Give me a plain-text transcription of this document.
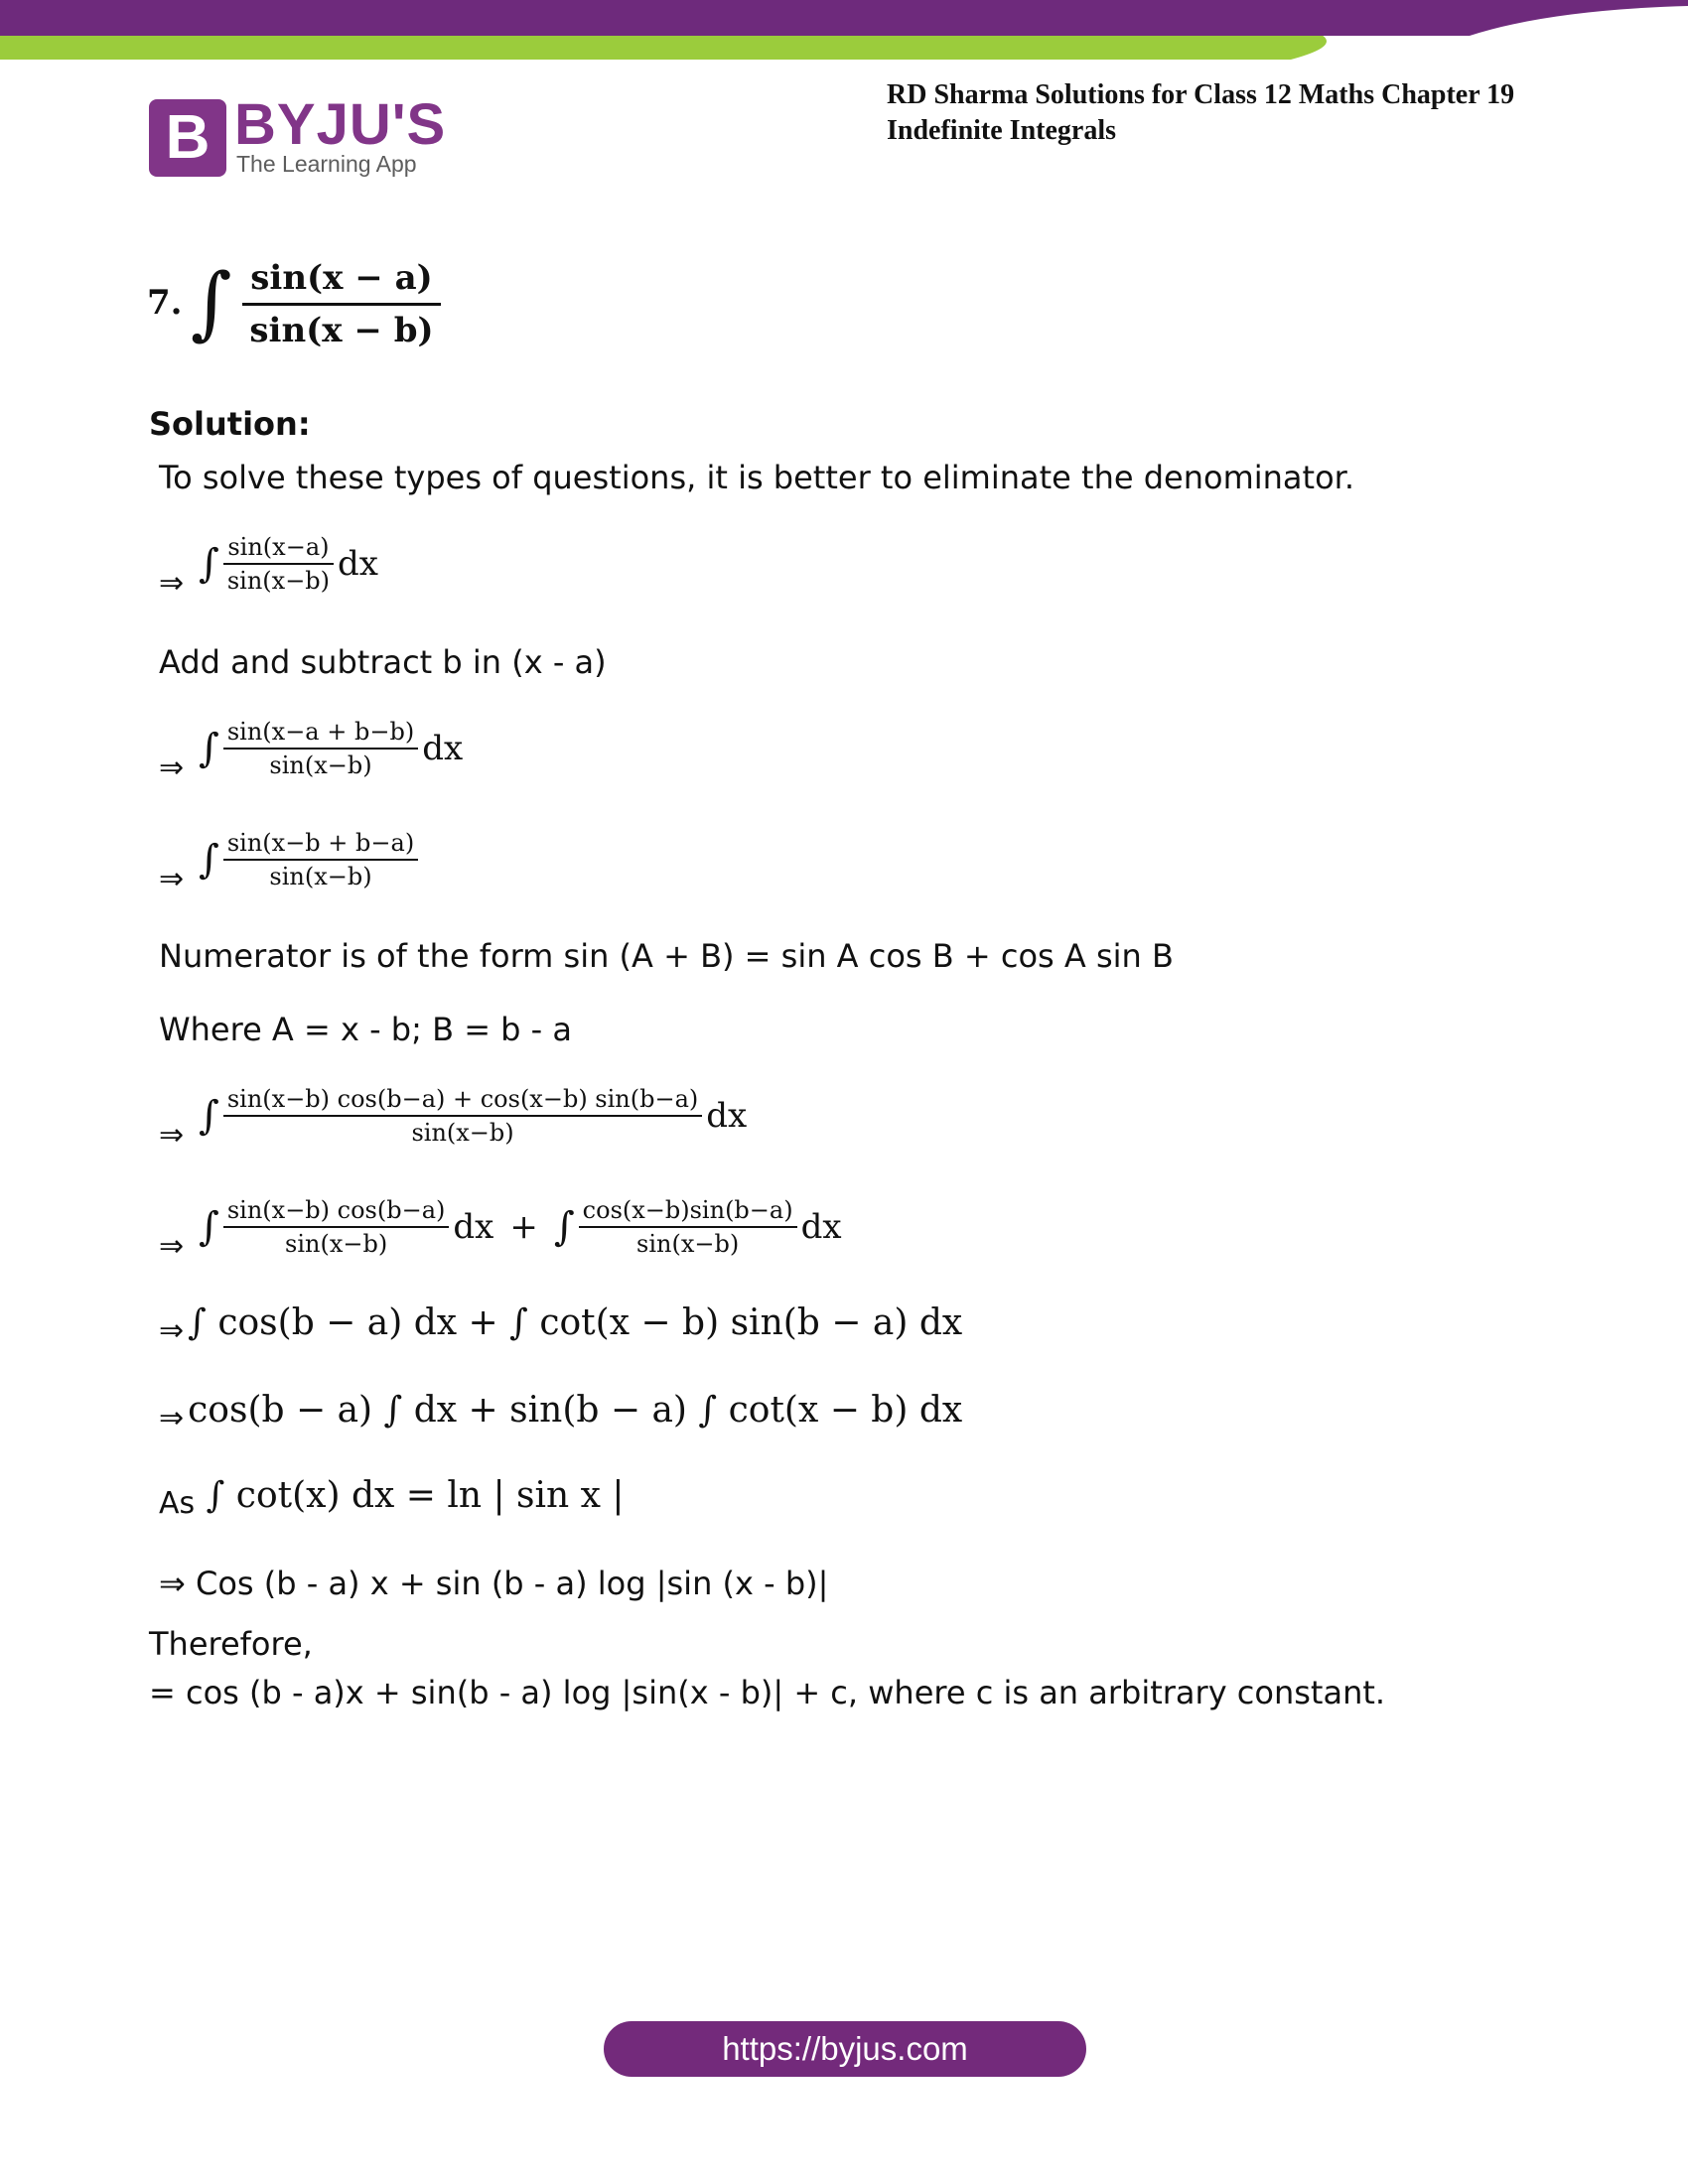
B BYJU'S
The Learning App
RD Sharma Solutions for Class 12 Maths Chapter 19
Indefinite Integrals
7. ∫ $\frac{\sin(x - a)}{\sin(x - b)}$
Solution:
To solve these types of questions, it is better to eliminate the denominator.
⇒ ∫ $\frac{\sin(x-a)}{\sin(x-b)}$ dx
Add and subtract b in (x - a)
⇒ ∫ $\frac{\sin(x-a + b-b)}{\sin(x-b)}$ dx
⇒ ∫ $\frac{\sin(x-b + b-a)}{\sin(x-b)}$
Numerator is of the form sin (A + B) = sin A cos B + cos A sin B
Where A = x - b; B = b - a
⇒ ∫ $\frac{\sin(x-b) \cos(b-a) + \cos(x-b) \sin(b-a)}{\sin(x-b)}$ dx
⇒ ∫ $\frac{\sin(x-b) \cos(b-a)}{\sin(x-b)}$ dx + ∫ $\frac{\cos(x-b)\sin(b-a)}{\sin(x-b)}$ dx
⇒ ∫ cos(b − a) dx + ∫ cot(x − b) sin(b − a) dx
⇒ cos(b − a) ∫ dx + sin(b − a) ∫ cot(x − b) dx
As ∫ cot(x) dx = ln | sin x |
⇒ Cos (b - a) x + sin (b - a) log |sin (x - b)|
Therefore,
= cos (b - a)x + sin(b - a) log |sin(x - b)| + c, where c is an arbitrary constant.
https://byjus.com
